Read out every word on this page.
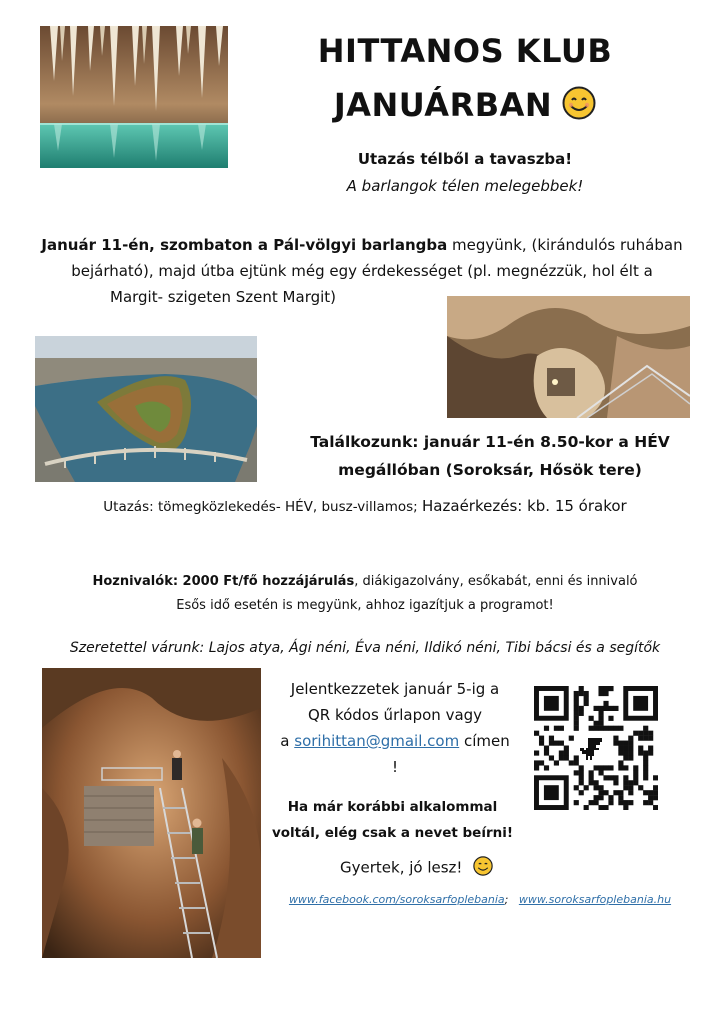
HITTANOS KLUB
JANUÁRBAN
Utazás télből a tavaszba!
A barlangok télen melegebbek!
Január 11-én, szombaton a Pál-völgyi barlangba megyünk, (kirándulós ruhában bejárható), majd útba ejtünk még egy érdekességet (pl. megnézzük, hol élt a
Margit- szigeten Szent Margit)
Találkozunk: január 11-én 8.50-kor a HÉV
megállóban (Soroksár, Hősök tere)
Utazás: tömegközlekedés- HÉV, busz-villamos; Hazaérkezés: kb. 15 órakor
Hoznivalók: 2000 Ft/fő hozzájárulás, diákigazolvány, esőkabát, enni és innivaló
Esős idő esetén is megyünk, ahhoz igazítjuk a programot!
Szeretettel várunk: Lajos atya, Ági néni, Éva néni, Ildikó néni, Tibi bácsi és a segítők
Jelentkezzetek január 5-ig a
QR kódos űrlapon vagy
a sorihittan@gmail.com címen
!
Ha már korábbi alkalommal
voltál, elég csak a nevet beírni!
Gyertek, jó lesz!
www.facebook.com/soroksarfoplebania; www.soroksarfoplebania.hu
